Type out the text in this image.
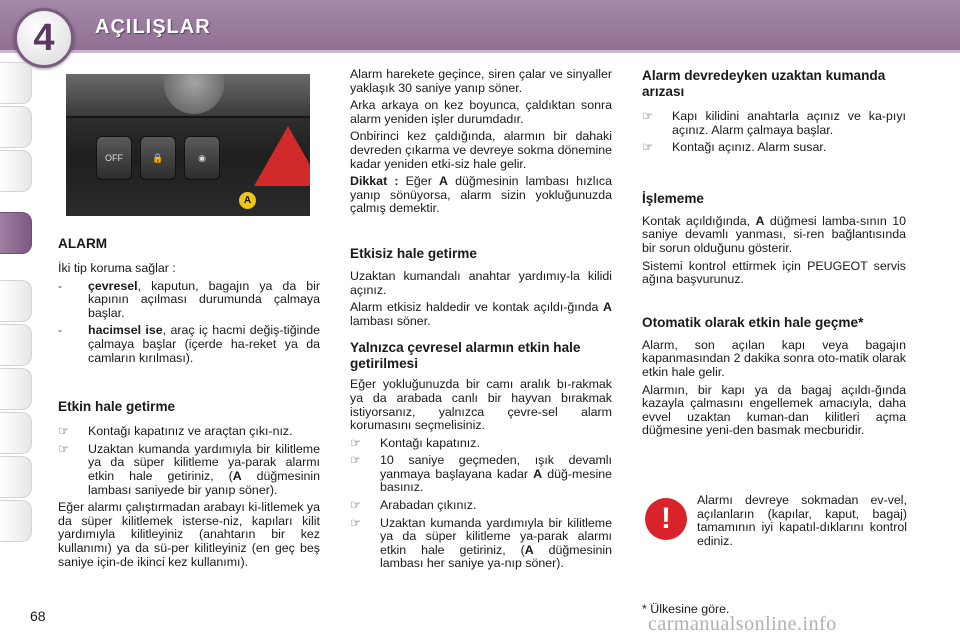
4	AÇILIŞLAR
OFF	🔒	◉
A

ALARM

İki tip koruma sağlar :

- çevresel, kaputun, bagajın ya da bir kapının açılması durumunda çalmaya başlar.

- hacimsel ise, araç iç hacmi değiş-tiğinde çalmaya başlar (içerde ha-reket ya da camların kırılması).

Etkin hale getirme

☞ Kontağı kapatınız ve araçtan çıkı-nız.

☞ Uzaktan kumanda yardımıyla bir kilitleme ya da süper kilitleme ya-parak alarmı etkin hale getiriniz, (A düğmesinin lambası saniyede bir yanıp söner).

Eğer alarmı çalıştırmadan arabayı ki-litlemek ya da süper kilitlemek isterse-niz, kapıları kilit yardımıyla kilitleyiniz (anahtarın bir kez kullanımı) ya da sü-per kilitleyiniz (en geç beş saniye için-de ikinci kez kullanımı).

Alarm harekete geçince, siren çalar ve sinyaller yaklaşık 30 saniye yanıp söner.

Arka arkaya on kez boyunca, çaldıktan sonra alarm yeniden işler durumdadır.

Onbirinci kez çaldığında, alarmın bir dahaki devreden çıkarma ve devreye sokma dönemine kadar yeniden etki-siz hale gelir.

Dikkat : Eğer A düğmesinin lambası hızlıca yanıp sönüyorsa, alarm sizin yokluğunuzda çalmış demektir.

Etkisiz hale getirme

Uzaktan kumandalı anahtar yardımıy-la kilidi açınız.

Alarm etkisiz haldedir ve kontak açıldı-ğında A lambası söner.

Yalnızca çevresel alarmın etkin hale getirilmesi

Eğer yokluğunuzda bir camı aralık bı-rakmak ya da arabada canlı bir hayvan bırakmak istiyorsanız, yalnızca çevre-sel alarm korumasını seçmelisiniz.

☞ Kontağı kapatınız.

☞ 10 saniye geçmeden, ışık devamlı yanmaya başlayana kadar A düğ-mesine basınız.

☞ Arabadan çıkınız.

☞ Uzaktan kumanda yardımıyla bir kilitleme ya da süper kilitleme ya-parak alarmı etkin hale getiriniz, (A düğmesinin lambası her saniye ya-nıp söner).

Alarm devredeyken uzaktan kumanda arızası

☞ Kapı kilidini anahtarla açınız ve ka-pıyı açınız. Alarm çalmaya başlar.

☞ Kontağı açınız. Alarm susar.

İşlememe

Kontak açıldığında, A düğmesi lamba-sının 10 saniye devamlı yanması, si-ren bağlantısında bir sorun olduğunu gösterir.

Sistemi kontrol ettirmek için PEUGEOT servis ağına başvurunuz.

Otomatik olarak etkin hale geçme*

Alarm, son açılan kapı veya bagajın kapanmasından 2 dakika sonra oto-matik olarak etkin hale gelir.

Alarmın, bir kapı ya da bagaj açıldı-ğında kazayla çalmasını engellemek amacıyla, daha evvel uzaktan kuman-dan kilitleri açma düğmesine yeni-den basmak mecburidir.

!
Alarmı devreye sokmadan ev-vel, açılanların (kapılar, kaput, bagaj) tamamının iyi kapatıl-dıklarını kontrol ediniz.
* Ülkesine göre.
68	carmanualsonline.info
